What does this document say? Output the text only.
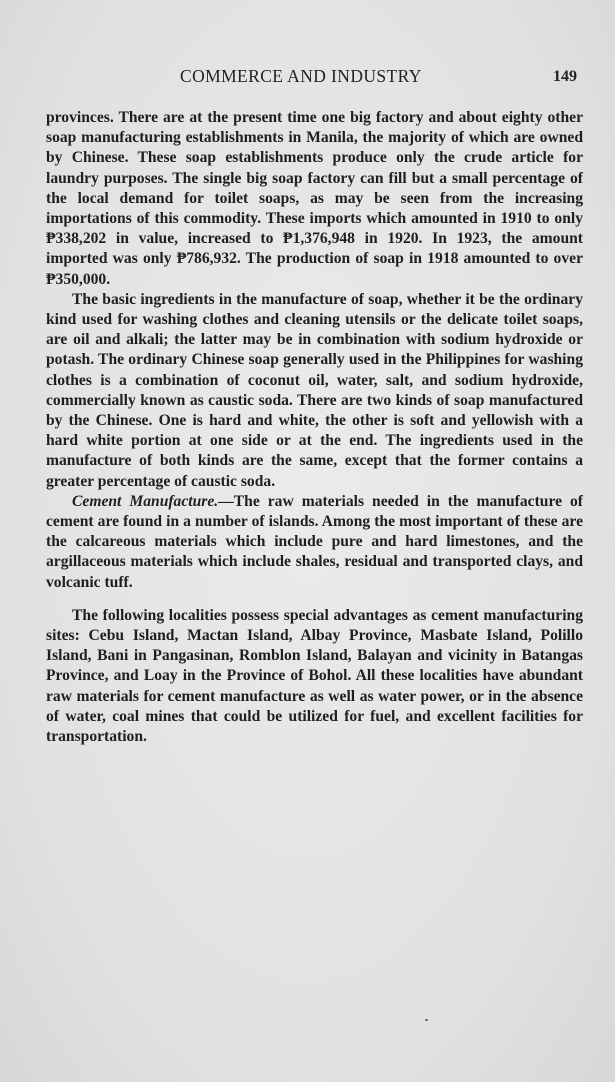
COMMERCE AND INDUSTRY	149

provinces. There are at the present time one big factory and about eighty other soap manufacturing establishments in Manila, the majority of which are owned by Chinese. These soap establishments produce only the crude article for laundry purposes. The single big soap factory can fill but a small percentage of the local demand for toilet soaps, as may be seen from the increasing importations of this commodity. These imports which amounted in 1910 to only ₱338,202 in value, increased to ₱1,376,948 in 1920. In 1923, the amount imported was only ₱786,932. The production of soap in 1918 amounted to over ₱350,000.

The basic ingredients in the manufacture of soap, whether it be the ordinary kind used for washing clothes and cleaning utensils or the delicate toilet soaps, are oil and alkali; the latter may be in combination with sodium hydroxide or potash. The ordinary Chinese soap generally used in the Philippines for washing clothes is a combination of coconut oil, water, salt, and sodium hydroxide, commercially known as caustic soda. There are two kinds of soap manufactured by the Chinese. One is hard and white, the other is soft and yellowish with a hard white portion at one side or at the end. The ingredients used in the manufacture of both kinds are the same, except that the former contains a greater percentage of caustic soda.

Cement Manufacture.—The raw materials needed in the manufacture of cement are found in a number of islands. Among the most important of these are the calcareous materials which include pure and hard limestones, and the argillaceous materials which include shales, residual and transported clays, and volcanic tuff.

The following localities possess special advantages as cement manufacturing sites: Cebu Island, Mactan Island, Albay Province, Masbate Island, Polillo Island, Bani in Pangasinan, Romblon Island, Balayan and vicinity in Batangas Province, and Loay in the Province of Bohol. All these localities have abundant raw materials for cement manufacture as well as water power, or in the absence of water, coal mines that could be utilized for fuel, and excellent facilities for transportation.
